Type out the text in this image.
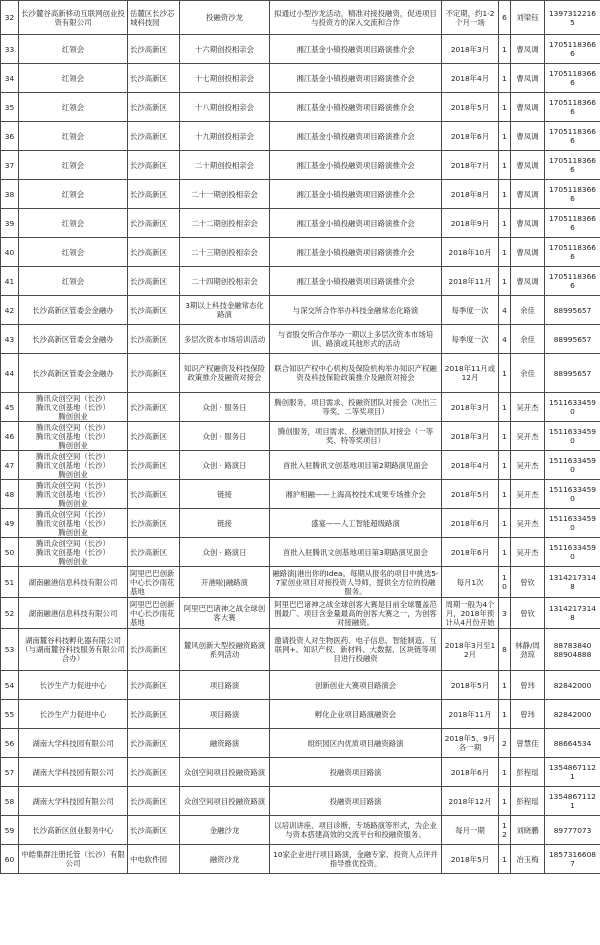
32	长沙麓谷高新移动互联网创业投资有限公司	岳麓区长沙芯城科技园	投融资沙龙	拟通过小型沙龙活动，精准对接投融资，促进项目与投资方的深入交流和合作	不定期，约1-2个月一场	6	刘梁钰	13973122165
33	红领会	长沙高新区	十六期创投相亲会	湘江基金小镇投融资项目路演推介会	2018年3月	1	曹凤调	17051183666
34	红领会	长沙高新区	十七期创投相亲会	湘江基金小镇投融资项目路演推介会	2018年4月	1	曹凤调	17051183666
35	红领会	长沙高新区	十八期创投相亲会	湘江基金小镇投融资项目路演推介会	2018年5月	1	曹凤调	17051183666
36	红领会	长沙高新区	十九期创投相亲会	湘江基金小镇投融资项目路演推介会	2018年6月	1	曹凤调	17051183666
37	红领会	长沙高新区	二十期创投相亲会	湘江基金小镇投融资项目路演推介会	2018年7月	1	曹凤调	17051183666
38	红领会	长沙高新区	二十一期创投相亲会	湘江基金小镇投融资项目路演推介会	2018年8月	1	曹凤调	17051183666
39	红领会	长沙高新区	二十二期创投相亲会	湘江基金小镇投融资项目路演推介会	2018年9月	1	曹凤调	17051183666
40	红领会	长沙高新区	二十三期创投相亲会	湘江基金小镇投融资项目路演推介会	2018年10月	1	曹凤调	17051183666
41	红领会	长沙高新区	二十四期创投相亲会	湘江基金小镇投融资项目路演推介会	2018年11月	1	曹凤调	17051183666
42	长沙高新区管委会金融办	长沙高新区	3期以上科技金融常态化路演	与深交所合作举办科技金融常态化路演	每季度一次	4	余佳	88995657
43	长沙高新区管委会金融办	长沙高新区	多层次资本市场培训活动	与省股交所合作举办一期以上多层次资本市场培训、路演或其他形式的活动	每季度一次	4	余佳	88995657
44	长沙高新区管委会金融办	长沙高新区	知识产权融资及科技保险政策推介及融资对接会	联合知识产权中心机构及保险机构举办知识产权融资及科技保险政策推介及融资对接会	2018年11月或12月	1	余佳	88995657
45	腾讯众创空间（长沙）
腾讯文创基地（长沙）
腾创创业	长沙高新区	众创 · 服务日	腾创服务，项目需求、投融资团队对接会（决出三等奖、二等奖项目）	2018年3月	1	吴开杰	15116334590
46	腾讯众创空间（长沙）
腾讯文创基地（长沙）
腾创创业	长沙高新区	众创 · 服务日	腾创服务，项目需求、投融资团队对接会（一等奖、特等奖项目）	2018年3月	1	吴开杰	15116334590
47	腾讯众创空间（长沙）
腾讯文创基地（长沙）
腾创创业	长沙高新区	众创 · 路演日	首批入驻腾讯文创基地项目第2期路演见面会	2018年4月	1	吴开杰	15116334590
48	腾讯众创空间（长沙）
腾讯文创基地（长沙）
腾创创业	长沙高新区	链接	湘沪相融——上海高校技术成果专场推介会	2018年5月	1	吴开杰	15116334590
49	腾讯众创空间（长沙）
腾讯文创基地（长沙）
腾创创业	长沙高新区	链接	盛宴——人工智能超级路演	2018年6月	1	吴开杰	15116334590
50	腾讯众创空间（长沙）
腾讯文创基地（长沙）
腾创创业	长沙高新区	众创 · 路演日	首批入驻腾讯文创基地项目第3期路演见面会	2018年6月	1	吴开杰	15116334590
51	湖南融港信息科技有限公司	阿里巴巴创新中心长沙雨花基地	开港啦|融路演	融路演|港出你的Idea。每期从报名的项目中挑选5-7家创业项目对接投资人导师，提供全方位的投融服务。	每月1次	10	曾钦	13142173148
52	湖南融港信息科技有限公司	阿里巴巴创新中心长沙雨花基地	阿里巴巴诸神之战全球创客大赛	阿里巴巴诸神之战全球创客大赛是目前全球覆盖范围最广、项目含金量最高的创客大赛之一，为创客对接融资。	周期一般为4个月，2018年预计从4月份开始	3	曾钦	13142173148
53	湖南麓谷科技孵化器有限公司
（与湖南麓谷科技服务有限公司合办）	长沙高新区	麓风创新大型投融资路演系列活动	邀请投资人对生物医药、电子信息、智能制造、互联网+、知识产权、新材料、大数据、区块链等项目进行投融资	2018年3月至12月	8	林静/周劲琼	88783840
88904888
54	长沙生产力促进中心	长沙高新区	项目路演	创新创业大赛项目路演会	2018年5月	1	曾玮	82842000
55	长沙生产力促进中心	长沙高新区	项目路演	孵化企业项目路演融资会	2018年11月	1	曾玮	82842000
56	湖南大学科技园有限公司	长沙高新区	融资路演	组织园区内优质项目融资路演	2018年5、9月各一期	2	曾慧佳	88664534
57	湖南大学科技园有限公司	长沙高新区	众创空间项目投融资路演	投融资项目路演	2018年6月	1	彭程瑶	13548671121
58	湖南大学科技园有限公司	长沙高新区	众创空间项目投融资路演	投融资项目路演	2018年12月	1	彭程瑶	13548671121
59	长沙高新区创业服务中心	长沙高新区	金融沙龙	以培训讲座、项目诊断、专场路演等形式，为企业与资本搭建高效的交流平台和投融资服务。	每月一期	12	刘晓鹏	89777073
60	中皓集群注册托管（长沙）有限公司	中电软件园	融资沙龙	10家企业进行项目路演，金融专家、投资人点评并指导推优投资。	2018年5月	1	冶玉梅	18573166087
